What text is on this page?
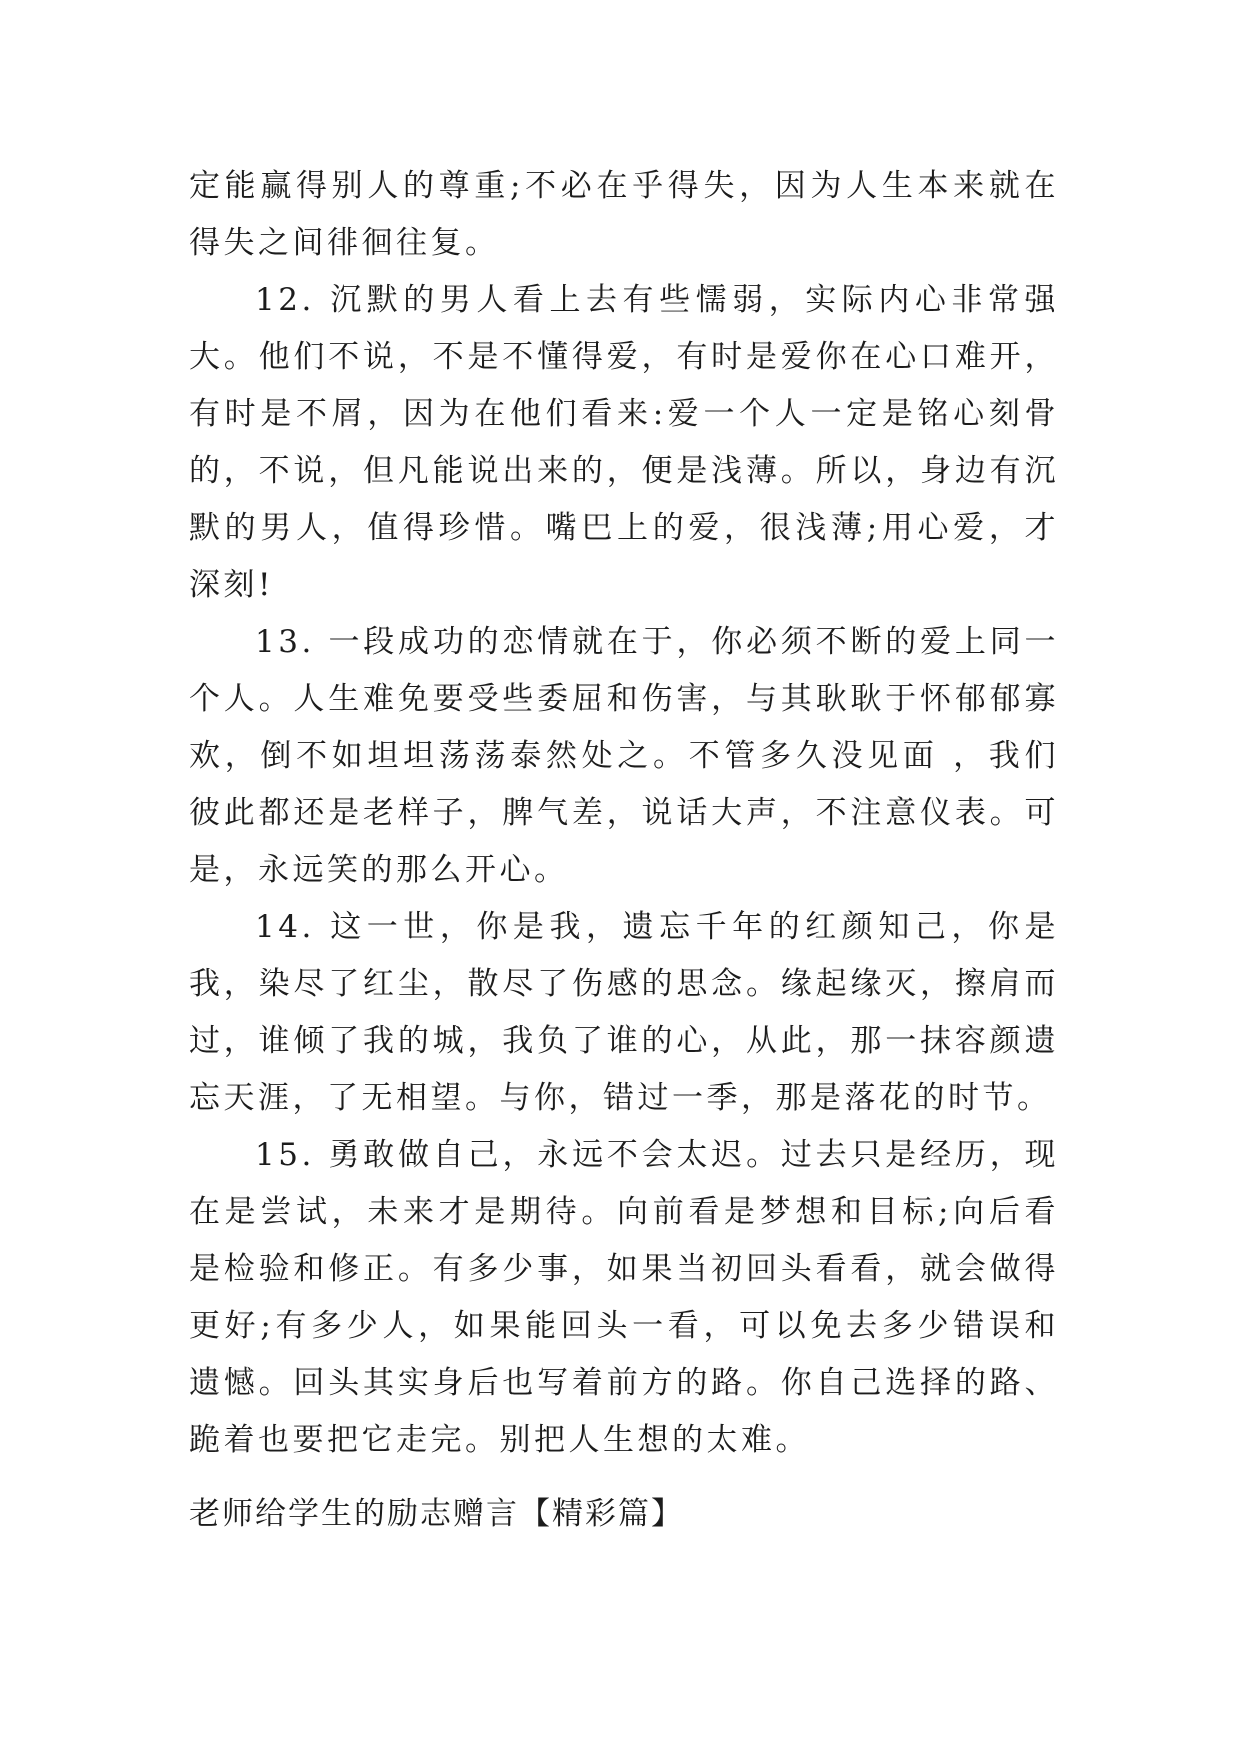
定能赢得别人的尊重;不必在乎得失，因为人生本来就在得失之间徘徊往复。

12. 沉默的男人看上去有些懦弱，实际内心非常强大。他们不说，不是不懂得爱，有时是爱你在心口难开，有时是不屑，因为在他们看来:爱一个人一定是铭心刻骨的，不说，但凡能说出来的，便是浅薄。所以，身边有沉默的男人，值得珍惜。嘴巴上的爱，很浅薄;用心爱，才深刻!

13. 一段成功的恋情就在于，你必须不断的爱上同一个人。人生难免要受些委屈和伤害，与其耿耿于怀郁郁寡欢，倒不如坦坦荡荡泰然处之。不管多久没见面 ，我们彼此都还是老样子，脾气差，说话大声，不注意仪表。可是，永远笑的那么开心。

14. 这一世，你是我，遗忘千年的红颜知己，你是我，染尽了红尘，散尽了伤感的思念。缘起缘灭，擦肩而过，谁倾了我的城，我负了谁的心，从此，那一抹容颜遗忘天涯，了无相望。与你，错过一季，那是落花的时节。

15. 勇敢做自己，永远不会太迟。过去只是经历，现在是尝试，未来才是期待。向前看是梦想和目标;向后看是检验和修正。有多少事，如果当初回头看看，就会做得更好;有多少人，如果能回头一看，可以免去多少错误和遗憾。回头其实身后也写着前方的路。你自己选择的路、跪着也要把它走完。别把人生想的太难。

老师给学生的励志赠言【精彩篇】
